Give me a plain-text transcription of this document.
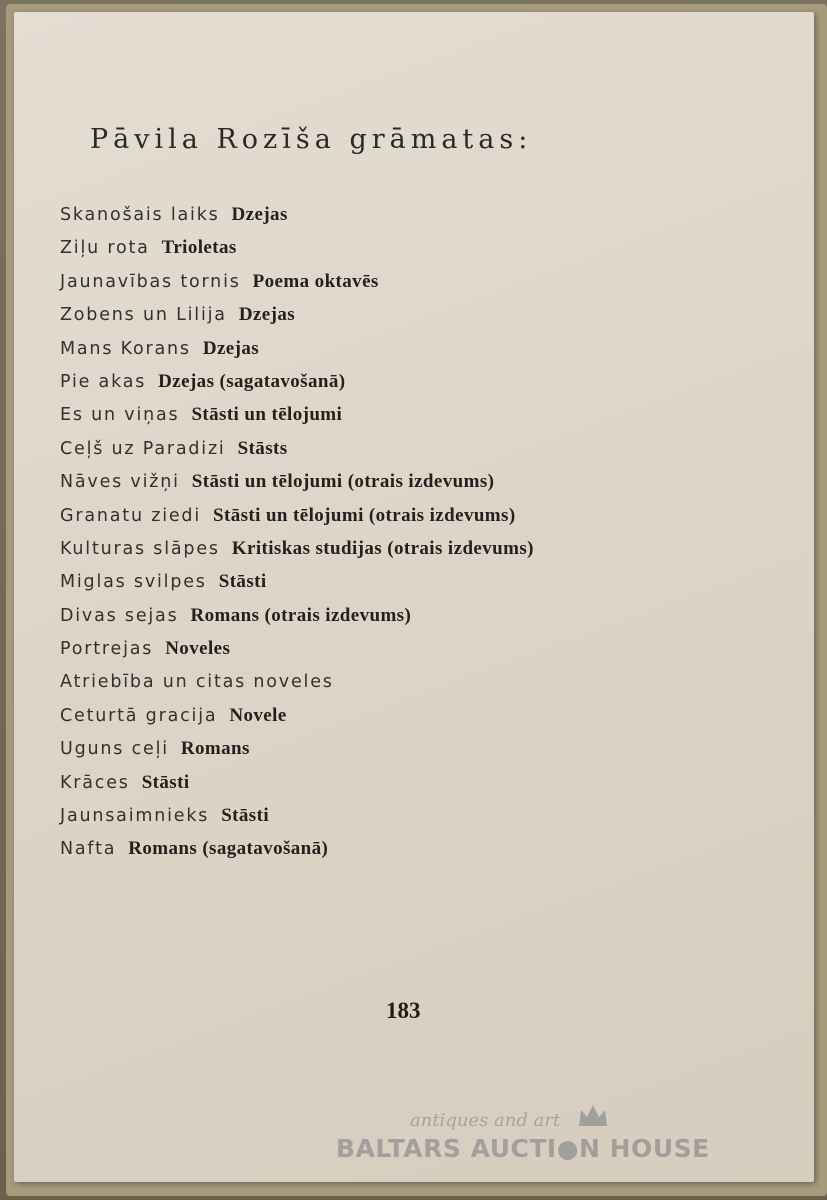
Pāvila Rozīša grāmatas:
Skanošais laiks Dzejas
Ziļu rota Trioletas
Jaunavības tornis Poema oktavēs
Zobens un Lilija Dzejas
Mans Korans Dzejas
Pie akas Dzejas (sagatavošanā)
Es un viņas Stāsti un tēlojumi
Ceļš uz Paradizi Stāsts
Nāves vižņi Stāsti un tēlojumi (otrais izdevums)
Granatu ziedi Stāsti un tēlojumi (otrais izdevums)
Kulturas slāpes Kritiskas studijas (otrais izdevums)
Miglas svilpes Stāsti
Divas sejas Romans (otrais izdevums)
Portrejas Noveles
Atriebība un citas noveles
Ceturtā gracija Novele
Uguns ceļi Romans
Krāces Stāsti
Jaunsaimnieks Stāsti
Nafta Romans (sagatavošanā)
183
antiques and art
BALTARS AUCTI●N HOUSE
